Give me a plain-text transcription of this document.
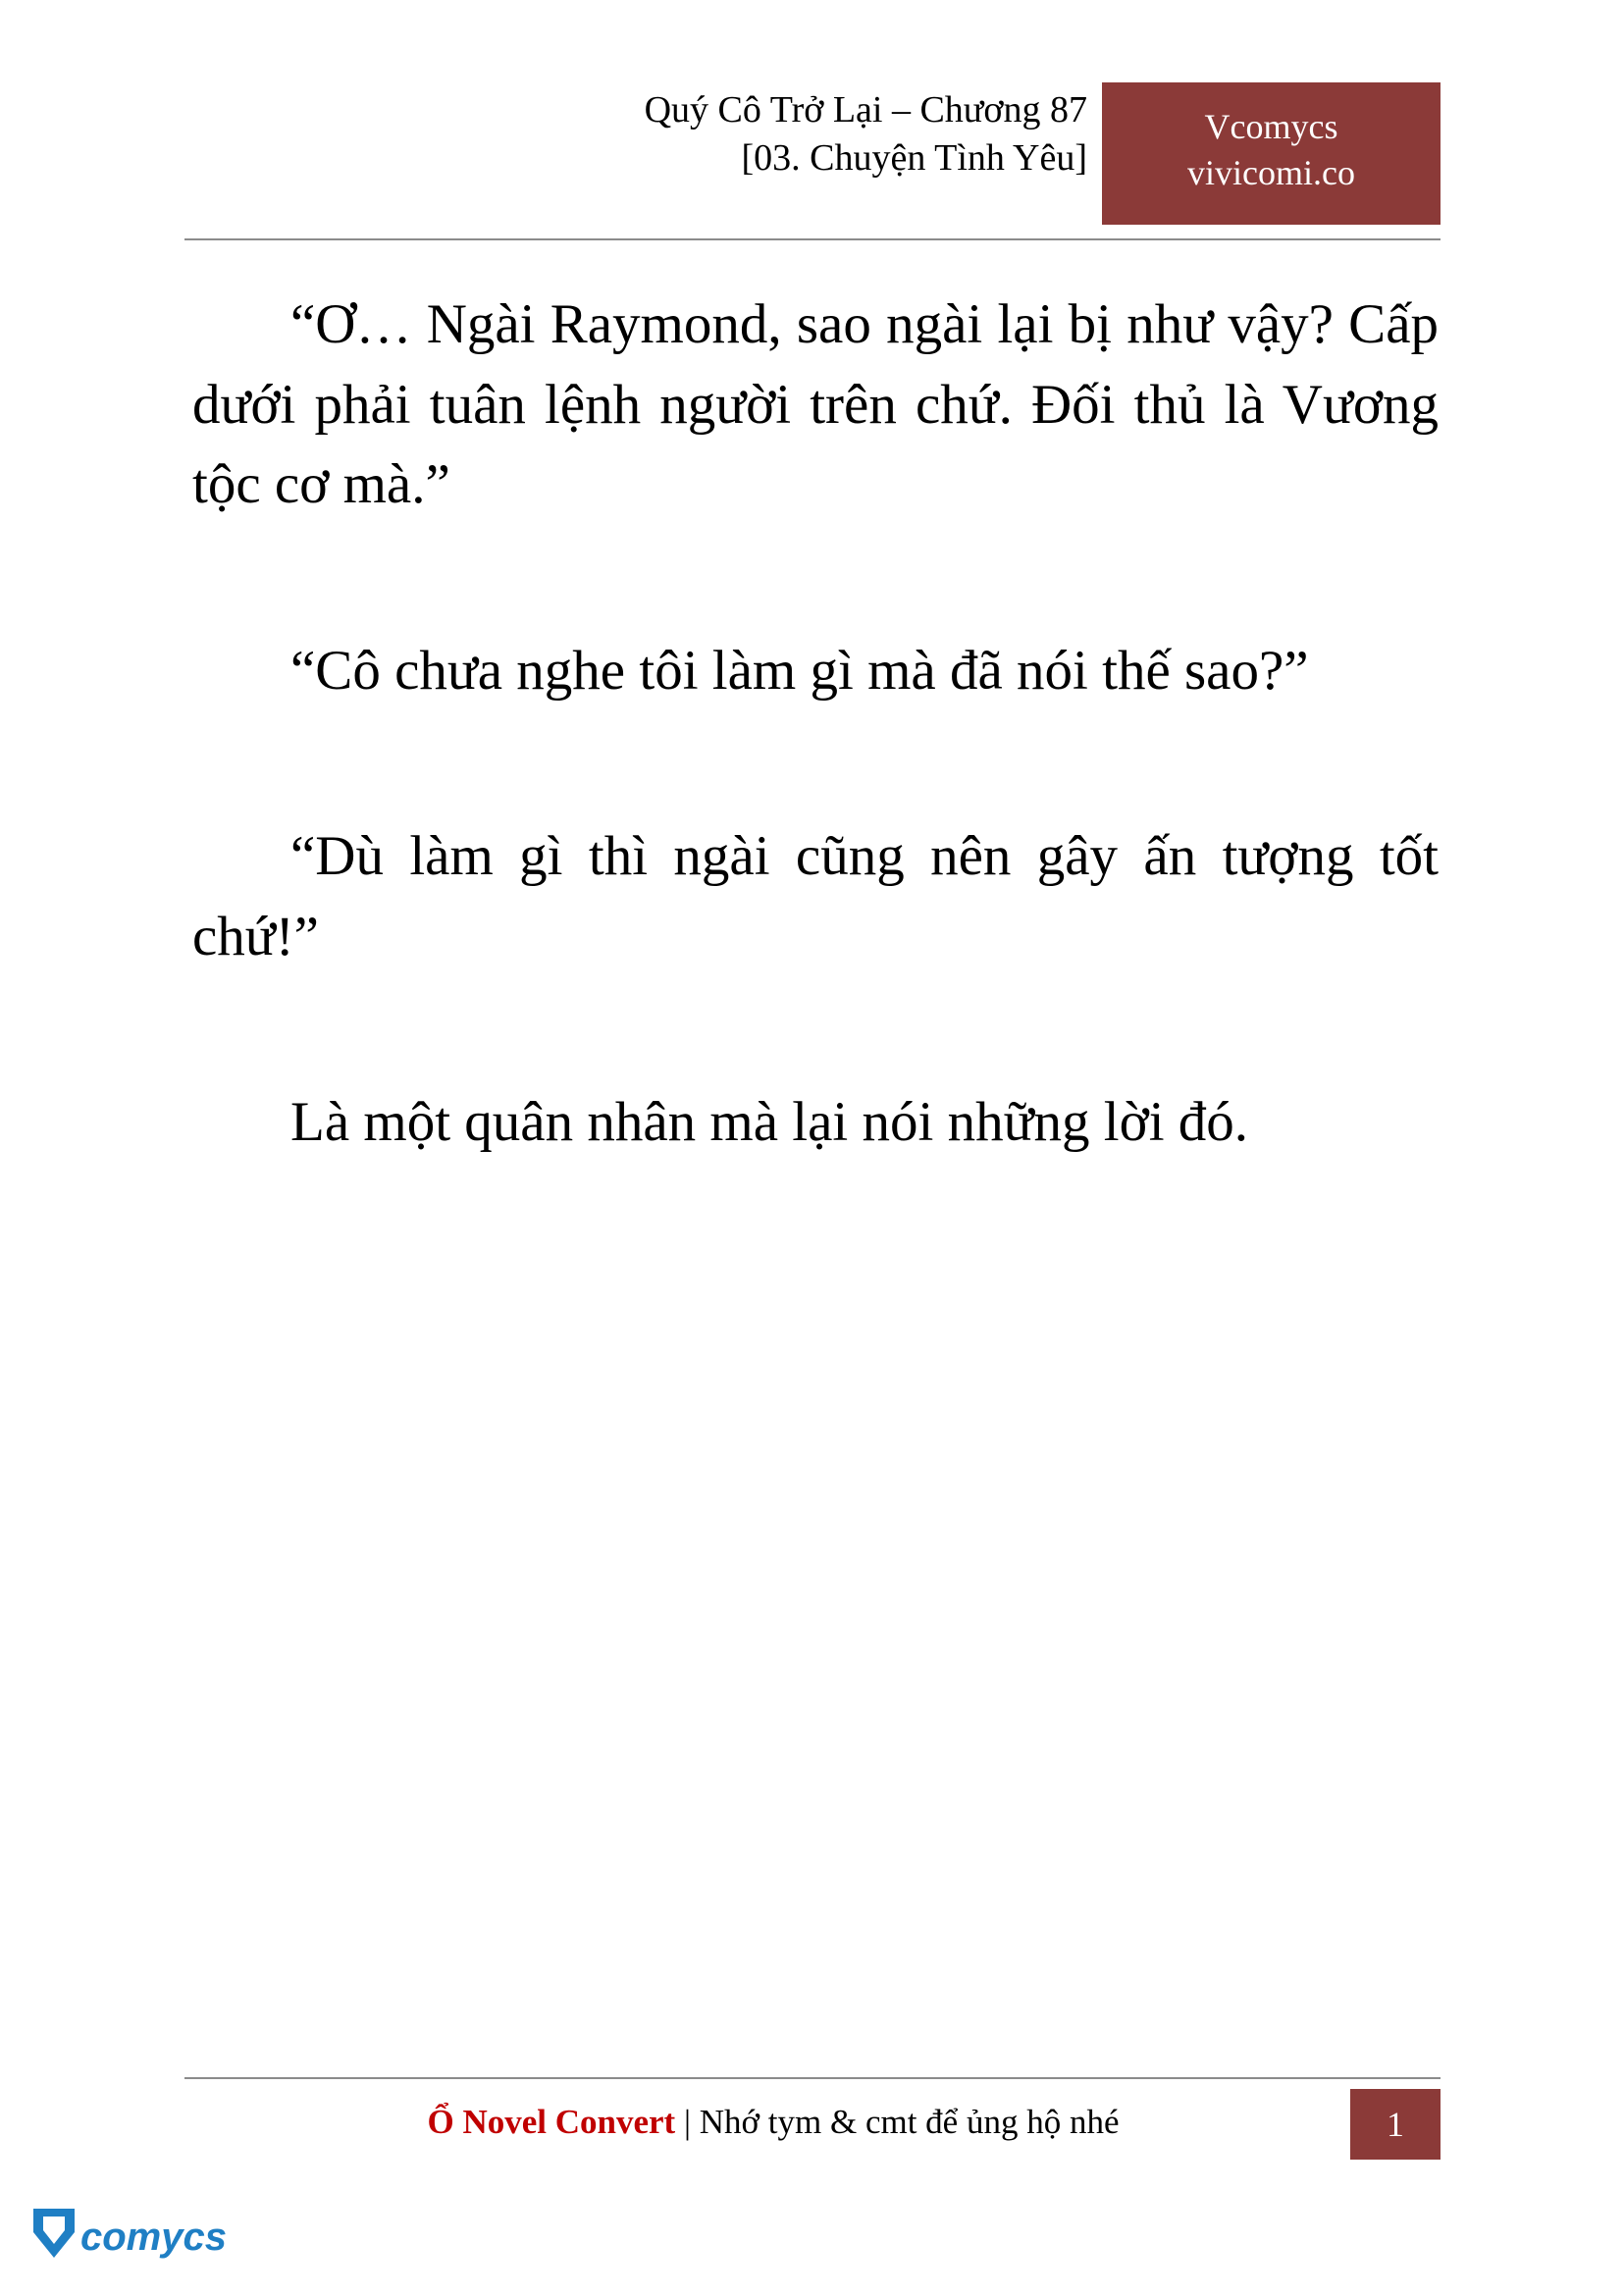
Quý Cô Trở Lại – Chương 87
[03. Chuyện Tình Yêu]
Vcomycs
vivicomi.co

“Ơ… Ngài Raymond, sao ngài lại bị như vậy? Cấp dưới phải tuân lệnh người trên chứ. Đối thủ là Vương tộc cơ mà.”

“Cô chưa nghe tôi làm gì mà đã nói thế sao?”

“Dù làm gì thì ngài cũng nên gây ấn tượng tốt chứ!”

Là một quân nhân mà lại nói những lời đó.

Ổ Novel Convert | Nhớ tym & cmt để ủng hộ nhé	1
comycs
